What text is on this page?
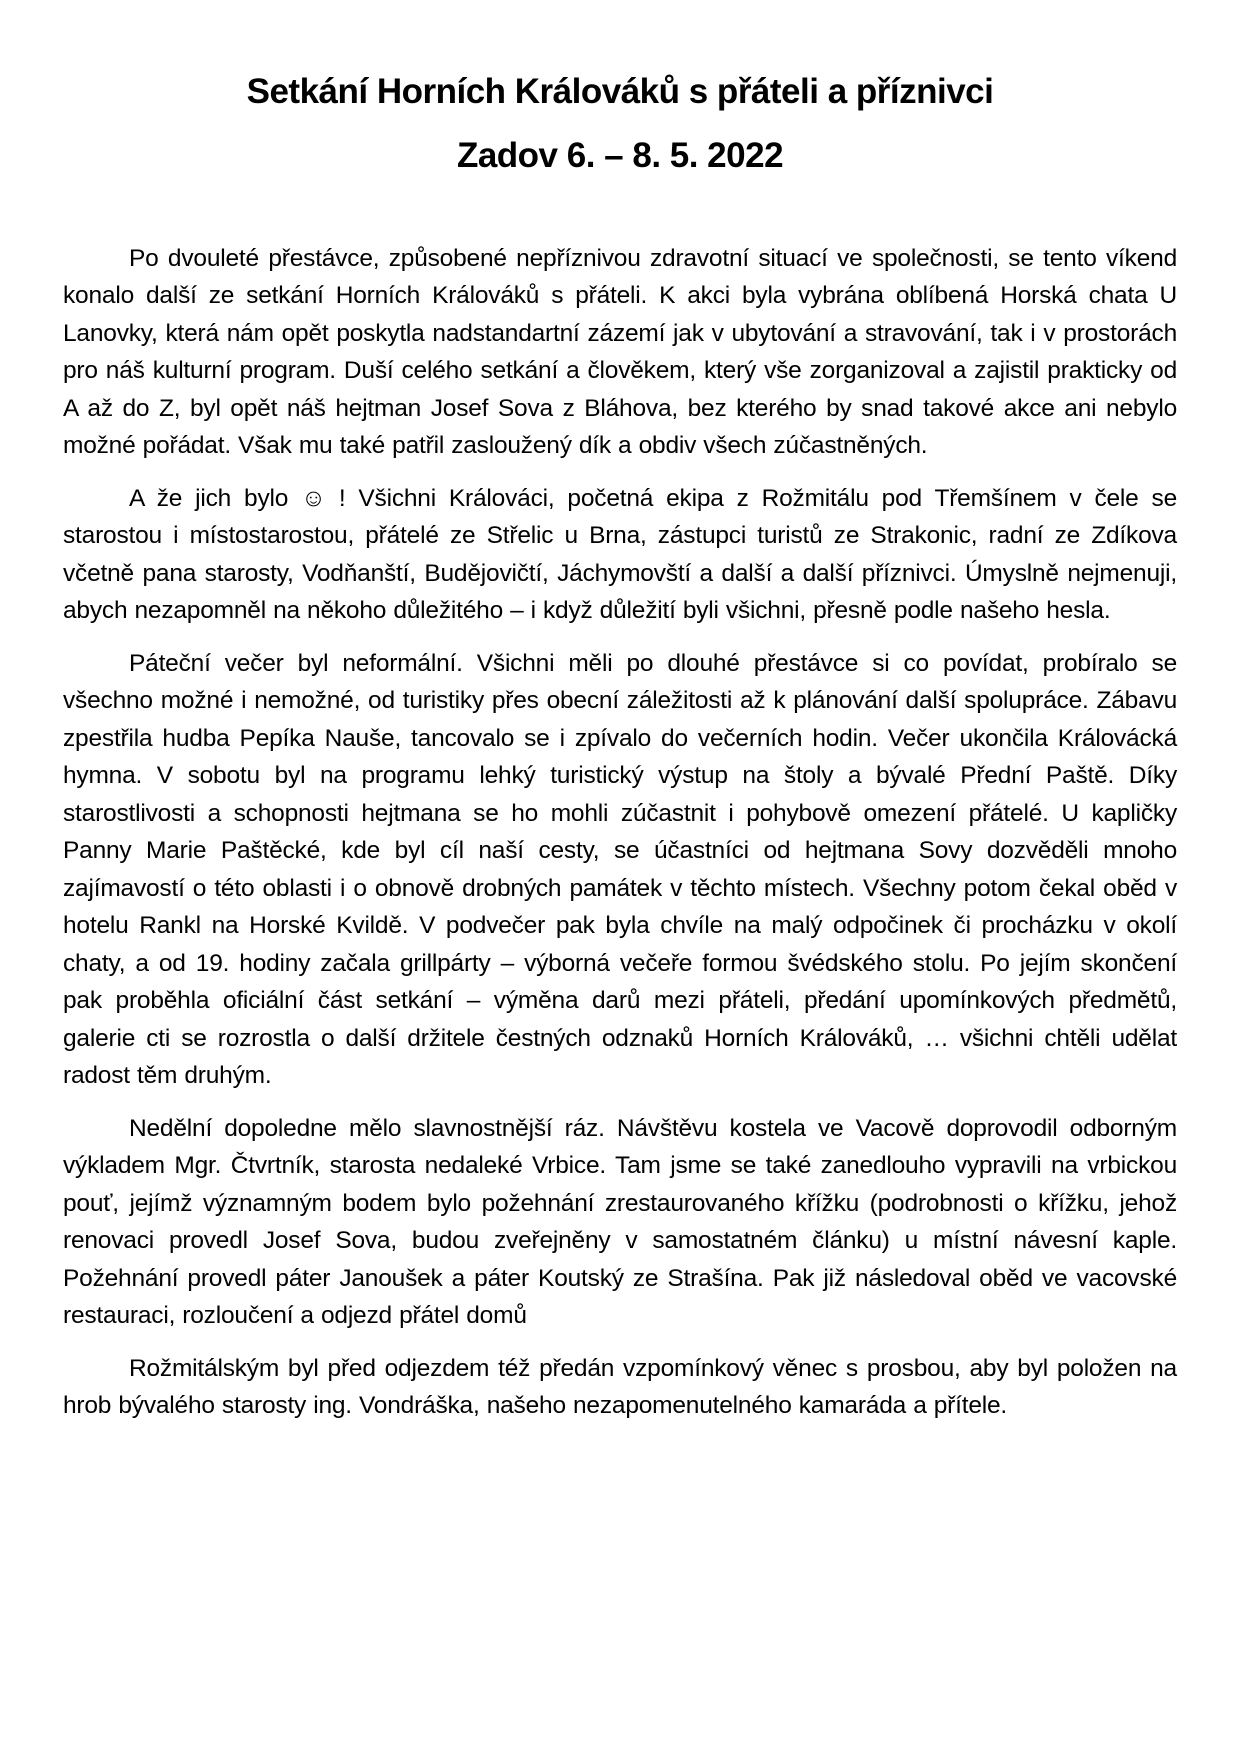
Setkání Horních Králováků s přáteli a příznivci
Zadov 6. – 8. 5. 2022

Po dvouleté přestávce, způsobené nepříznivou zdravotní situací ve společnosti, se tento víkend konalo další ze setkání Horních Králováků s přáteli. K akci byla vybrána oblíbená Horská chata U Lanovky, která nám opět poskytla nadstandartní zázemí jak v ubytování a stravování, tak i v prostorách pro náš kulturní program. Duší celého setkání a člověkem, který vše zorganizoval a zajistil prakticky od A až do Z, byl opět náš hejtman Josef Sova z Bláhova, bez kterého by snad takové akce ani nebylo možné pořádat. Však mu také patřil zasloužený dík a obdiv všech zúčastněných.

A že jich bylo ☺ ! Všichni Králováci, početná ekipa z Rožmitálu pod Třemšínem v čele se starostou i místostarostou, přátelé ze Střelic u Brna, zástupci turistů ze Strakonic, radní ze Zdíkova včetně pana starosty, Vodňanští, Budějovičtí, Jáchymovští a další a další příznivci. Úmyslně nejmenuji, abych nezapomněl na někoho důležitého – i když důležití byli všichni, přesně podle našeho hesla.

Páteční večer byl neformální. Všichni měli po dlouhé přestávce si co povídat, probíralo se všechno možné i nemožné, od turistiky přes obecní záležitosti až k plánování další spolupráce. Zábavu zpestřila hudba Pepíka Nauše, tancovalo se i zpívalo do večerních hodin. Večer ukončila Královácká hymna. V sobotu byl na programu lehký turistický výstup na štoly a bývalé Přední Paště. Díky starostlivosti a schopnosti hejtmana se ho mohli zúčastnit i pohybově omezení přátelé. U kapličky Panny Marie Paštěcké, kde byl cíl naší cesty, se účastníci od hejtmana Sovy dozvěděli mnoho zajímavostí o této oblasti i o obnově drobných památek v těchto místech. Všechny potom čekal oběd v hotelu Rankl na Horské Kvildě. V podvečer pak byla chvíle na malý odpočinek či procházku v okolí chaty, a od 19. hodiny začala grillpárty – výborná večeře formou švédského stolu. Po jejím skončení pak proběhla oficiální část setkání – výměna darů mezi přáteli, předání upomínkových předmětů, galerie cti se rozrostla o další držitele čestných odznaků Horních Králováků, … všichni chtěli udělat radost těm druhým.

Nedělní dopoledne mělo slavnostnější ráz. Návštěvu kostela ve Vacově doprovodil odborným výkladem Mgr. Čtvrtník, starosta nedaleké Vrbice. Tam jsme se také zanedlouho vypravili na vrbickou pouť, jejímž významným bodem bylo požehnání zrestaurovaného křížku (podrobnosti o křížku, jehož renovaci provedl Josef Sova, budou zveřejněny v samostatném článku) u místní návesní kaple. Požehnání provedl páter Janoušek a páter Koutský ze Strašína. Pak již následoval oběd ve vacovské restauraci, rozloučení a odjezd přátel domů

Rožmitálským byl před odjezdem též předán vzpomínkový věnec s prosbou, aby byl položen na hrob bývalého starosty ing. Vondráška, našeho nezapomenutelného kamaráda a přítele.
